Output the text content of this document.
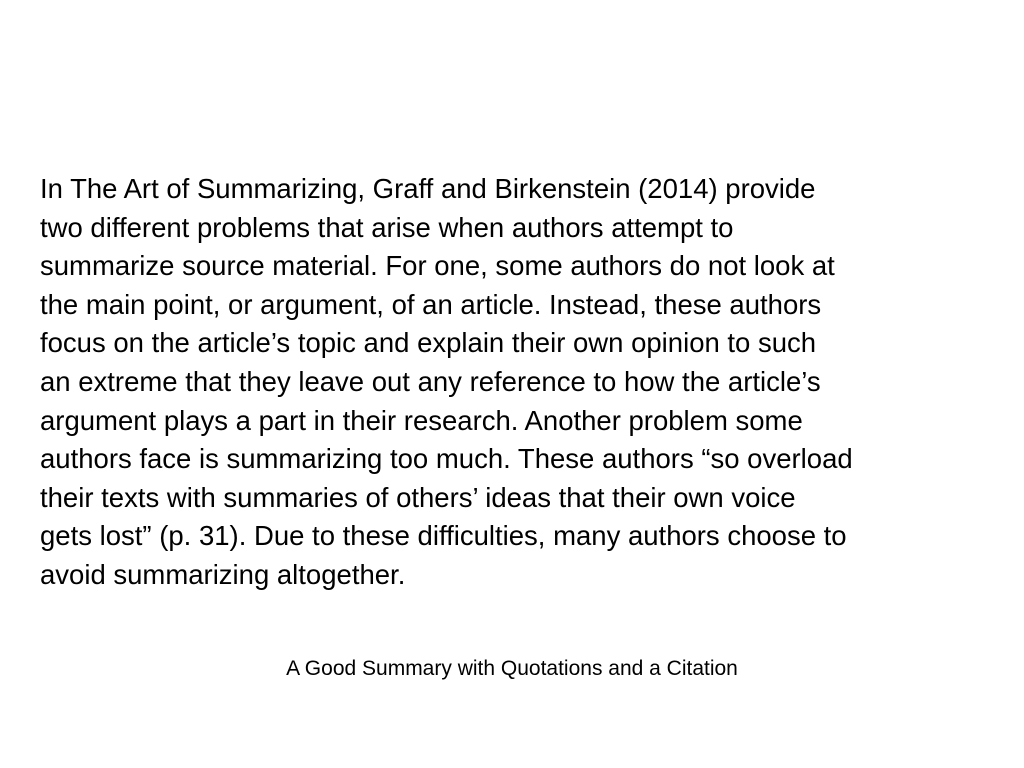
In The Art of Summarizing, Graff and Birkenstein (2014) provide
two different problems that arise when authors attempt to
summarize source material. For one, some authors do not look at
the main point, or argument, of an article. Instead, these authors
focus on the article’s topic and explain their own opinion to such
an extreme that they leave out any reference to how the article’s
argument plays a part in their research. Another problem some
authors face is summarizing too much. These authors “so overload
their texts with summaries of others’ ideas that their own voice
gets lost” (p. 31). Due to these difficulties, many authors choose to
avoid summarizing altogether.

A Good Summary with Quotations and a Citation
